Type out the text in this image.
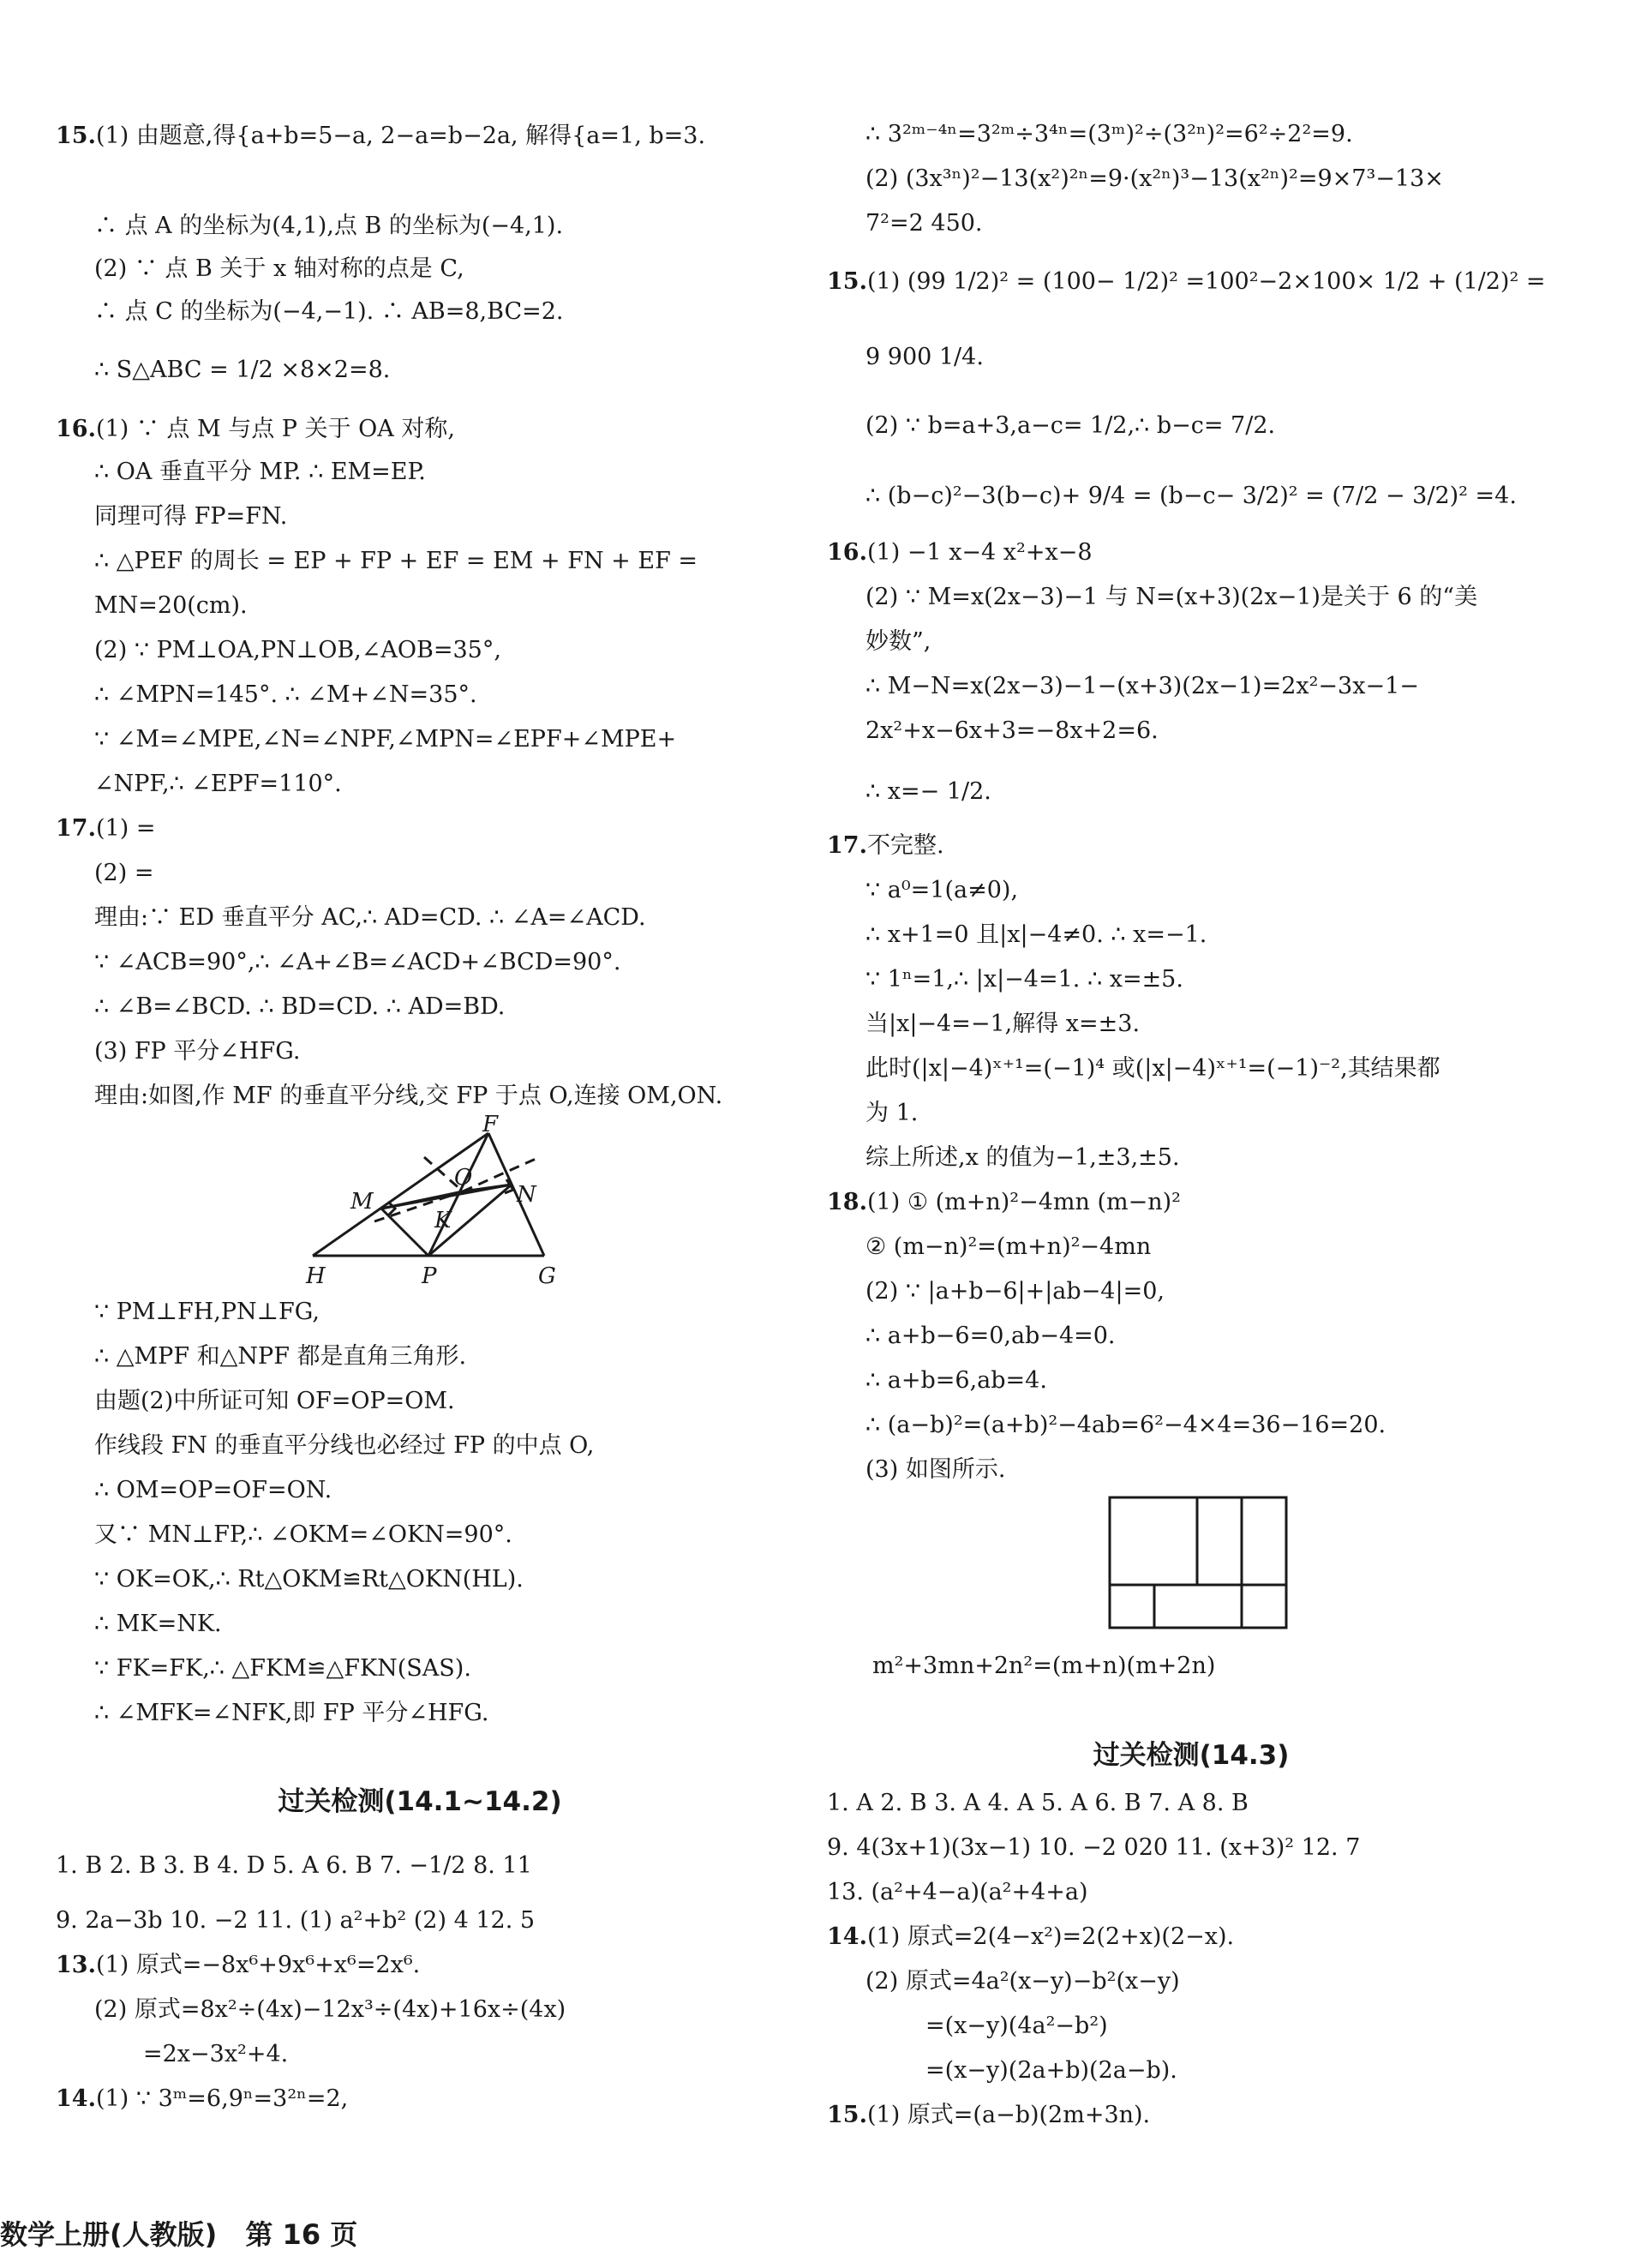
15.(1) 由题意,得{a+b=5−a, 2−a=b−2a, 解得{a=1, b=3.
∴ 点 A 的坐标为(4,1),点 B 的坐标为(−4,1).
(2) ∵ 点 B 关于 x 轴对称的点是 C,
∴ 点 C 的坐标为(−4,−1). ∴ AB=8,BC=2.
∴ S△ABC = 1/2 ×8×2=8.
16.(1) ∵ 点 M 与点 P 关于 OA 对称,
∴ OA 垂直平分 MP. ∴ EM=EP.
同理可得 FP=FN.
∴ △PEF 的周长 = EP + FP + EF = EM + FN + EF =
MN=20(cm).
(2) ∵ PM⊥OA,PN⊥OB,∠AOB=35°,
∴ ∠MPN=145°. ∴ ∠M+∠N=35°.
∵ ∠M=∠MPE,∠N=∠NPF,∠MPN=∠EPF+∠MPE+
∠NPF,∴ ∠EPF=110°.
17.(1) =
(2) =
理由:∵ ED 垂直平分 AC,∴ AD=CD. ∴ ∠A=∠ACD.
∵ ∠ACB=90°,∴ ∠A+∠B=∠ACD+∠BCD=90°.
∴ ∠B=∠BCD. ∴ BD=CD. ∴ AD=BD.
(3) FP 平分∠HFG.
理由:如图,作 MF 的垂直平分线,交 FP 于点 O,连接 OM,ON.
F
M
O
N
K
H	P	G
∵ PM⊥FH,PN⊥FG,
∴ △MPF 和△NPF 都是直角三角形.
由题(2)中所证可知 OF=OP=OM.
作线段 FN 的垂直平分线也必经过 FP 的中点 O,
∴ OM=OP=OF=ON.
又∵ MN⊥FP,∴ ∠OKM=∠OKN=90°.
∵ OK=OK,∴ Rt△OKM≌Rt△OKN(HL).
∴ MK=NK.
∵ FK=FK,∴ △FKM≌△FKN(SAS).
∴ ∠MFK=∠NFK,即 FP 平分∠HFG.
过关检测(14.1~14.2)
1. B 2. B 3. B 4. D 5. A 6. B 7. −1/2 8. 11
9. 2a−3b 10. −2 11. (1) a²+b² (2) 4 12. 5
13.(1) 原式=−8x⁶+9x⁶+x⁶=2x⁶.
(2) 原式=8x²÷(4x)−12x³÷(4x)+16x÷(4x)
=2x−3x²+4.
14.(1) ∵ 3ᵐ=6,9ⁿ=3²ⁿ=2,
∴ 3²ᵐ⁻⁴ⁿ=3²ᵐ÷3⁴ⁿ=(3ᵐ)²÷(3²ⁿ)²=6²÷2²=9.
(2) (3x³ⁿ)²−13(x²)²ⁿ=9·(x²ⁿ)³−13(x²ⁿ)²=9×7³−13×
7²=2 450.
15.(1) (99 1/2)² = (100− 1/2)² =100²−2×100× 1/2 + (1/2)² =
9 900 1/4.
(2) ∵ b=a+3,a−c= 1/2,∴ b−c= 7/2.
∴ (b−c)²−3(b−c)+ 9/4 = (b−c− 3/2)² = (7/2 − 3/2)² =4.
16.(1) −1 x−4 x²+x−8
(2) ∵ M=x(2x−3)−1 与 N=(x+3)(2x−1)是关于 6 的“美
妙数”,
∴ M−N=x(2x−3)−1−(x+3)(2x−1)=2x²−3x−1−
2x²+x−6x+3=−8x+2=6.
∴ x=− 1/2.
17.不完整.
∵ a⁰=1(a≠0),
∴ x+1=0 且|x|−4≠0. ∴ x=−1.
∵ 1ⁿ=1,∴ |x|−4=1. ∴ x=±5.
当|x|−4=−1,解得 x=±3.
此时(|x|−4)ˣ⁺¹=(−1)⁴ 或(|x|−4)ˣ⁺¹=(−1)⁻²,其结果都
为 1.
综上所述,x 的值为−1,±3,±5.
18.(1) ① (m+n)²−4mn (m−n)²
② (m−n)²=(m+n)²−4mn
(2) ∵ |a+b−6|+|ab−4|=0,
∴ a+b−6=0,ab−4=0.
∴ a+b=6,ab=4.
∴ (a−b)²=(a+b)²−4ab=6²−4×4=36−16=20.
(3) 如图所示.
m²+3mn+2n²=(m+n)(m+2n)
过关检测(14.3)
1. A 2. B 3. A 4. A 5. A 6. B 7. A 8. B
9. 4(3x+1)(3x−1) 10. −2 020 11. (x+3)² 12. 7
13. (a²+4−a)(a²+4+a)
14.(1) 原式=2(4−x²)=2(2+x)(2−x).
(2) 原式=4a²(x−y)−b²(x−y)
=(x−y)(4a²−b²)
=(x−y)(2a+b)(2a−b).
15.(1) 原式=(a−b)(2m+3n).
数学上册(人教版) 第 16 页
